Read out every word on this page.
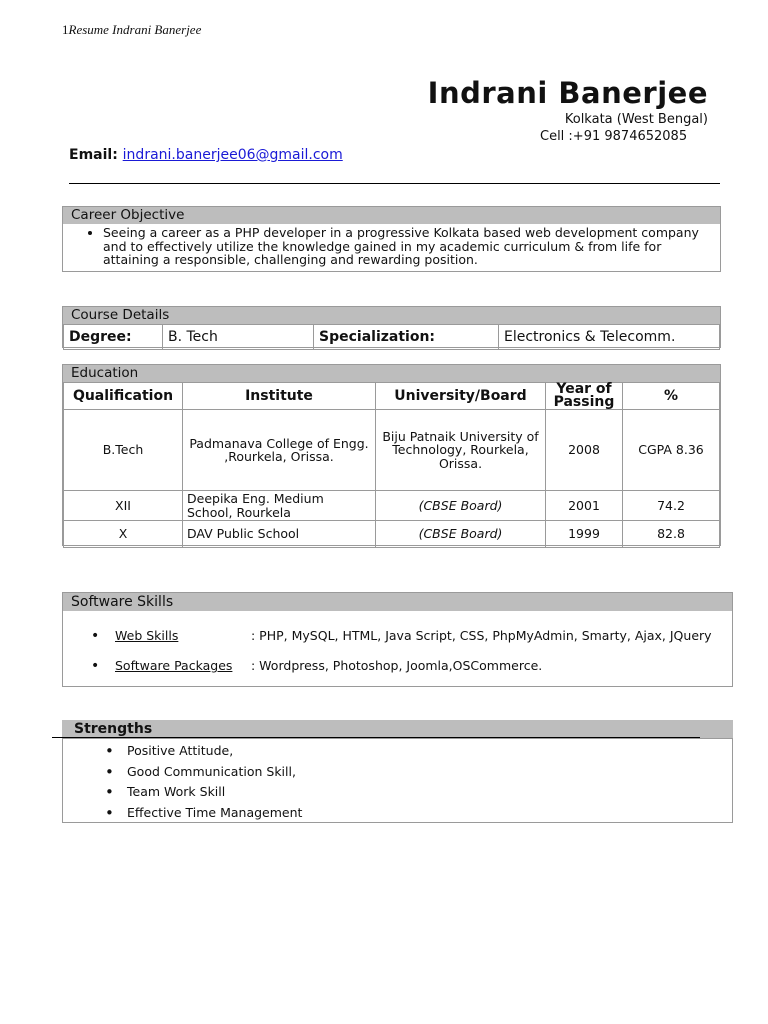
1Resume Indrani Banerjee
Indrani Banerjee
Kolkata (West Bengal)
Cell :+91 9874652085
Email: indrani.banerjee06@gmail.com
Career Objective
• Seeing a career as a PHP developer in a progressive Kolkata based web development company and to effectively utilize the knowledge gained in my academic curriculum & from life for attaining a responsible, challenging and rewarding position.
Course Details
Degree:	B. Tech	Specialization:	Electronics & Telecomm.
Education
Qualification	Institute	University/Board	Year of Passing	%
B.Tech	Padmanava College of Engg. ,Rourkela, Orissa.	Biju Patnaik University of Technology, Rourkela, Orissa.	2008	CGPA 8.36
XII	Deepika Eng. Medium School, Rourkela	(CBSE Board)	2001	74.2
X	DAV Public School	(CBSE Board)	1999	82.8
Software Skills
• Web Skills	: PHP, MySQL, HTML, Java Script, CSS, PhpMyAdmin, Smarty, Ajax, JQuery
• Software Packages : Wordpress, Photoshop, Joomla,OSCommerce.
Strengths
• Positive Attitude,
• Good Communication Skill,
• Team Work Skill
• Effective Time Management
